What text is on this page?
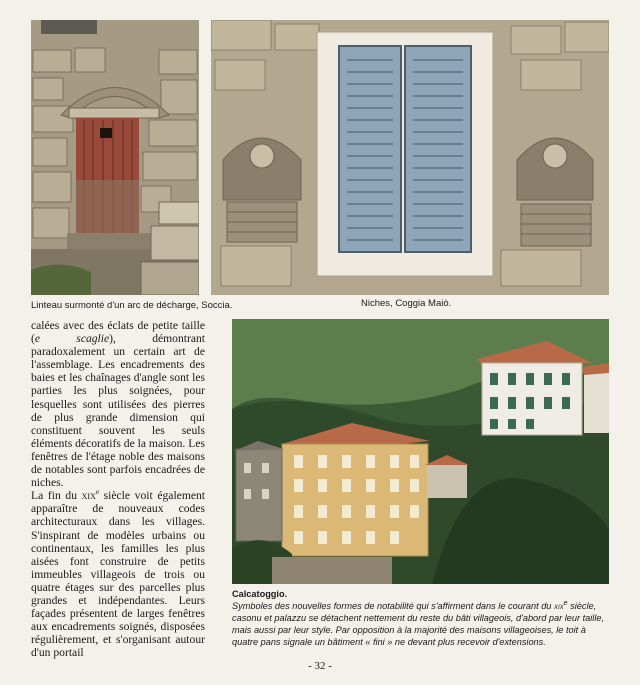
Linteau surmonté d'un arc de décharge, Soccia.	Niches, Coggia Maiò.

calées avec des éclats de petite taille (e scaglie), démontrant paradoxalement un certain art de l'assemblage. Les encadrements des baies et les chaînages d'angle sont les parties les plus soignées, pour lesquelles sont utilisées des pierres de plus grande dimension qui constituent souvent les seuls éléments décoratifs de la maison. Les fenêtres de l'étage noble des maisons de notables sont parfois encadrées de niches.

La fin du xix$^e$ siècle voit également apparaître de nouveaux codes architecturaux dans les villages. S'inspirant de modèles urbains ou continentaux, les familles les plus aisées font construire de petits immeubles villageois de trois ou quatre étages sur des parcelles plus grandes et indépendantes. Leurs façades présentent de larges fenêtres aux encadrements soignés, disposées régulièrement, et s'organisant autour d'un portail

Calcatoggio.
Symboles des nouvelles formes de notabilité qui s'affirment dans le courant du xix$^e$ siècle, casonu et palazzu se détachent nettement du reste du bâti villageois, d'abord par leur taille, mais aussi par leur style. Par opposition à la majorité des maisons villageoises, le toit à quatre pans signale un bâtiment « fini » ne devant plus recevoir d'extensions.
- 32 -
